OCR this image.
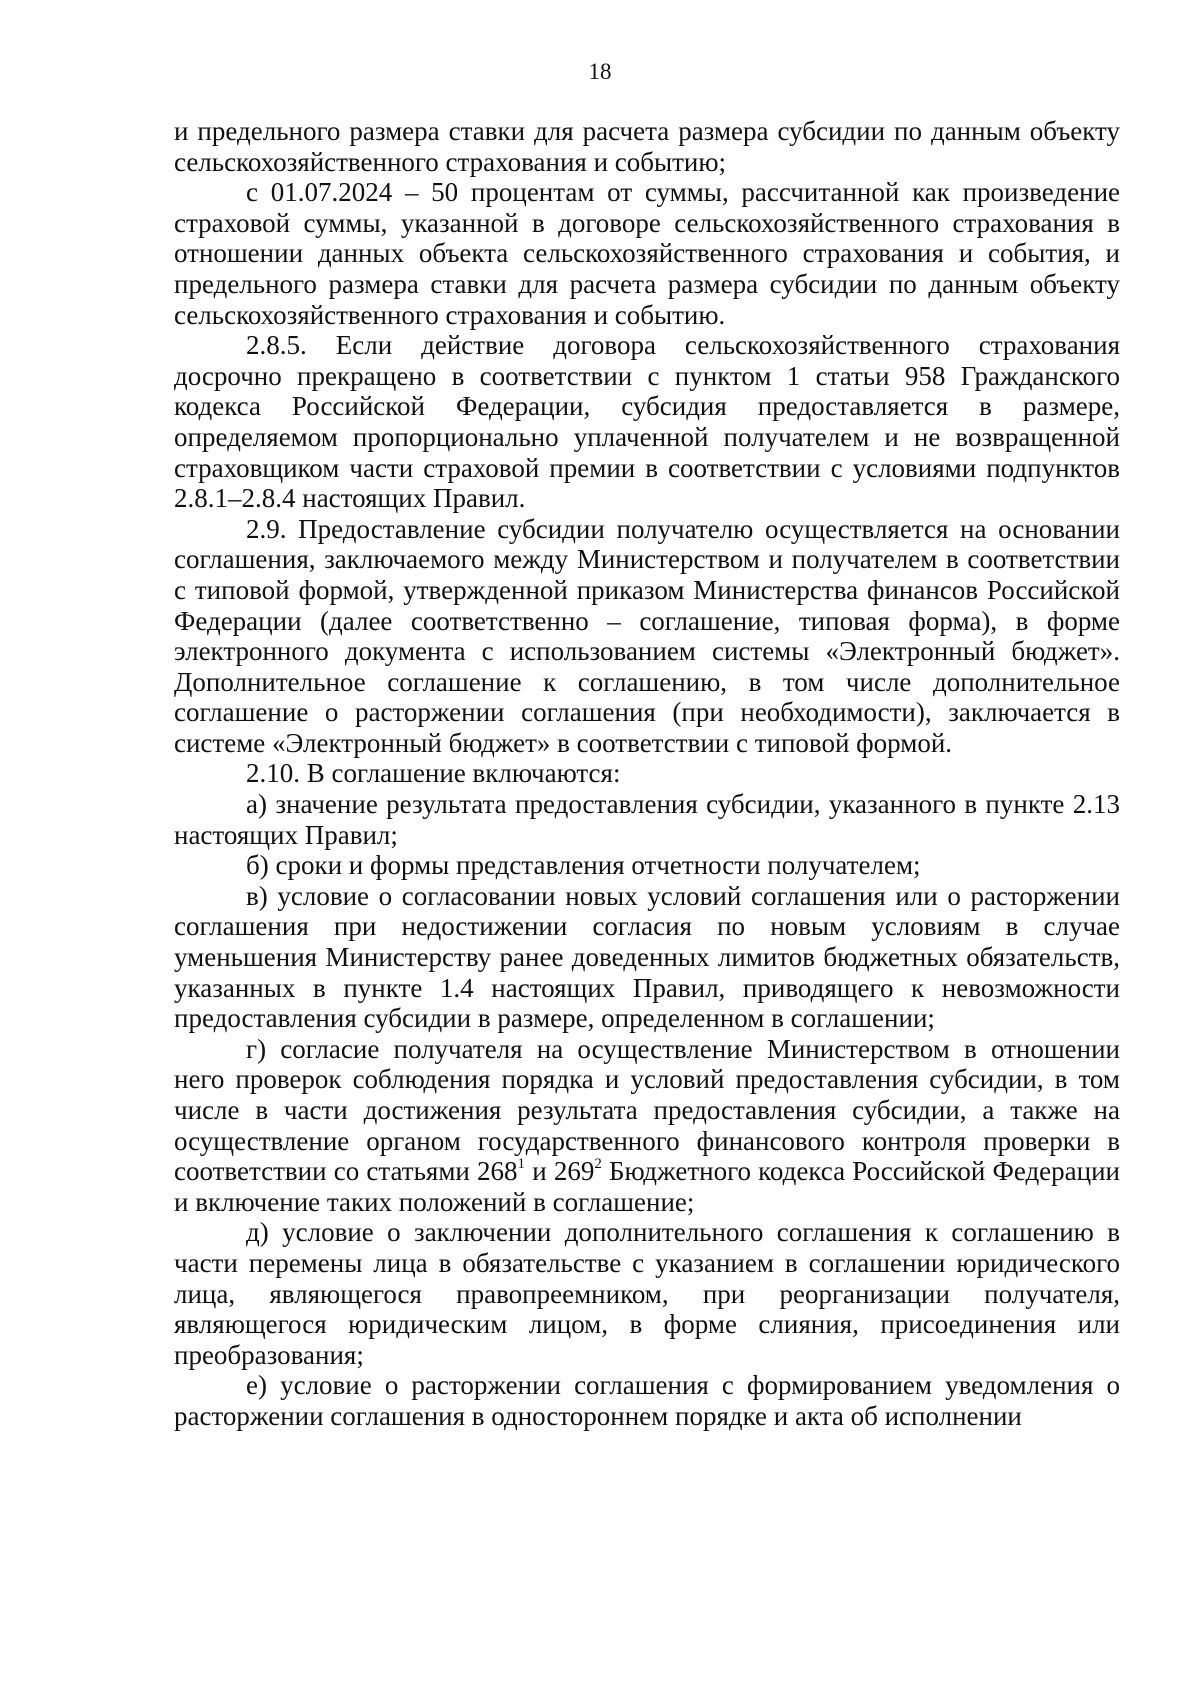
18

и предельного размера ставки для расчета размера субсидии по данным объекту сельскохозяйственного страхования и событию;

с 01.07.2024 – 50 процентам от суммы, рассчитанной как произведение страховой суммы, указанной в договоре сельскохозяйственного страхования в отношении данных объекта сельскохозяйственного страхования и события, и предельного размера ставки для расчета размера субсидии по данным объекту сельскохозяйственного страхования и событию.

2.8.5. Если действие договора сельскохозяйственного страхования досрочно прекращено в соответствии с пунктом 1 статьи 958 Гражданского кодекса Российской Федерации, субсидия предоставляется в размере, определяемом пропорционально уплаченной получателем и не возвращенной страховщиком части страховой премии в соответствии с условиями подпунктов 2.8.1–2.8.4 настоящих Правил.

2.9. Предоставление субсидии получателю осуществляется на основании соглашения, заключаемого между Министерством и получателем в соответствии с типовой формой, утвержденной приказом Министерства финансов Российской Федерации (далее соответственно – соглашение, типовая форма), в форме электронного документа с использованием системы «Электронный бюджет». Дополнительное соглашение к соглашению, в том числе дополнительное соглашение о расторжении соглашения (при необходимости), заключается в системе «Электронный бюджет» в соответствии с типовой формой.

2.10. В соглашение включаются:

а) значение результата предоставления субсидии, указанного в пункте 2.13 настоящих Правил;

б) сроки и формы представления отчетности получателем;

в) условие о согласовании новых условий соглашения или о расторжении соглашения при недостижении согласия по новым условиям в случае уменьшения Министерству ранее доведенных лимитов бюджетных обязательств, указанных в пункте 1.4 настоящих Правил, приводящего к невозможности предоставления субсидии в размере, определенном в соглашении;

г) согласие получателя на осуществление Министерством в отношении него проверок соблюдения порядка и условий предоставления субсидии, в том числе в части достижения результата предоставления субсидии, а также на осуществление органом государственного финансового контроля проверки в соответствии со статьями $268^1$ и $269^2$ Бюджетного кодекса Российской Федерации и включение таких положений в соглашение;

д) условие о заключении дополнительного соглашения к соглашению в части перемены лица в обязательстве с указанием в соглашении юридического лица, являющегося правопреемником, при реорганизации получателя, являющегося юридическим лицом, в форме слияния, присоединения или преобразования;

е) условие о расторжении соглашения с формированием уведомления о расторжении соглашения в одностороннем порядке и акта об исполнении
